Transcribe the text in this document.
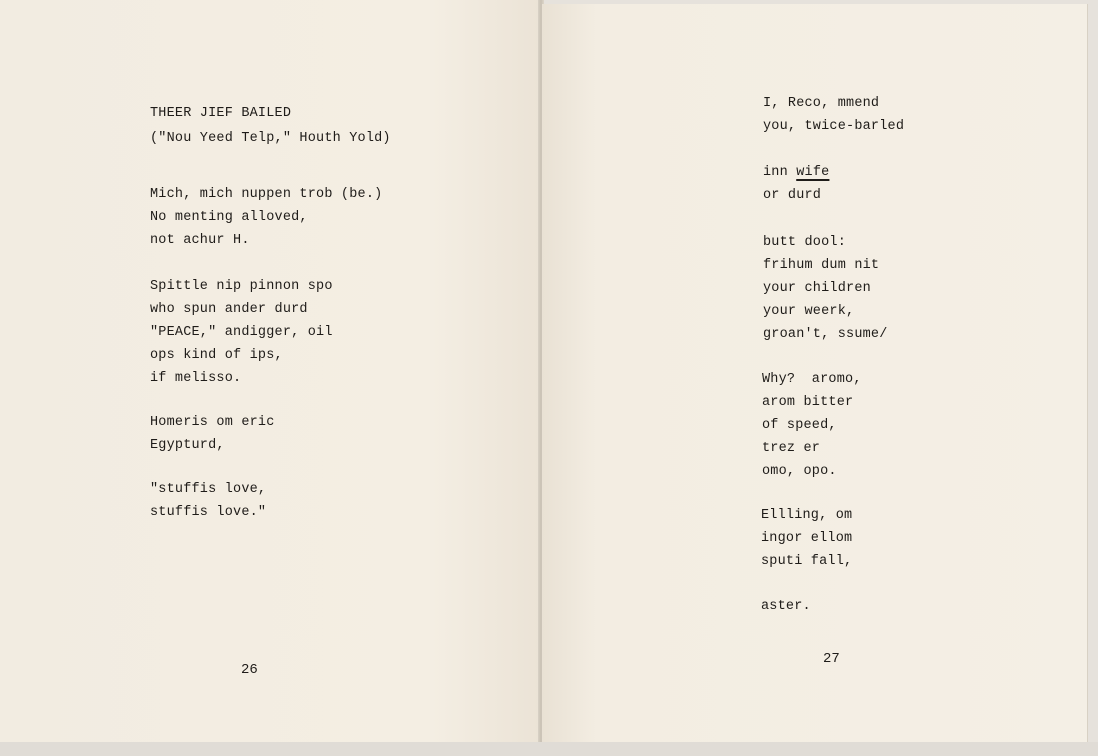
THEER JIEF BAILED
("Nou Yeed Telp," Houth Yold)
Mich, mich nuppen trob (be.)
No menting alloved,
not achur H.
Spittle nip pinnon spo
who spun ander durd
"PEACE," andigger, oil
ops kind of ips,
if melisso.
Homeris om eric
Egypturd,
"stuffis love,
stuffis love."
26

I, Reco, mmend
you, twice-barled
inn wife
or durd
butt dool:
frihum dum nit
your children
your weerk,
groan't, ssume/
Why?  aromo,
arom bitter
of speed,
trez er
omo, opo.
Ellling, om
ingor ellom
sputi fall,
aster.
27
